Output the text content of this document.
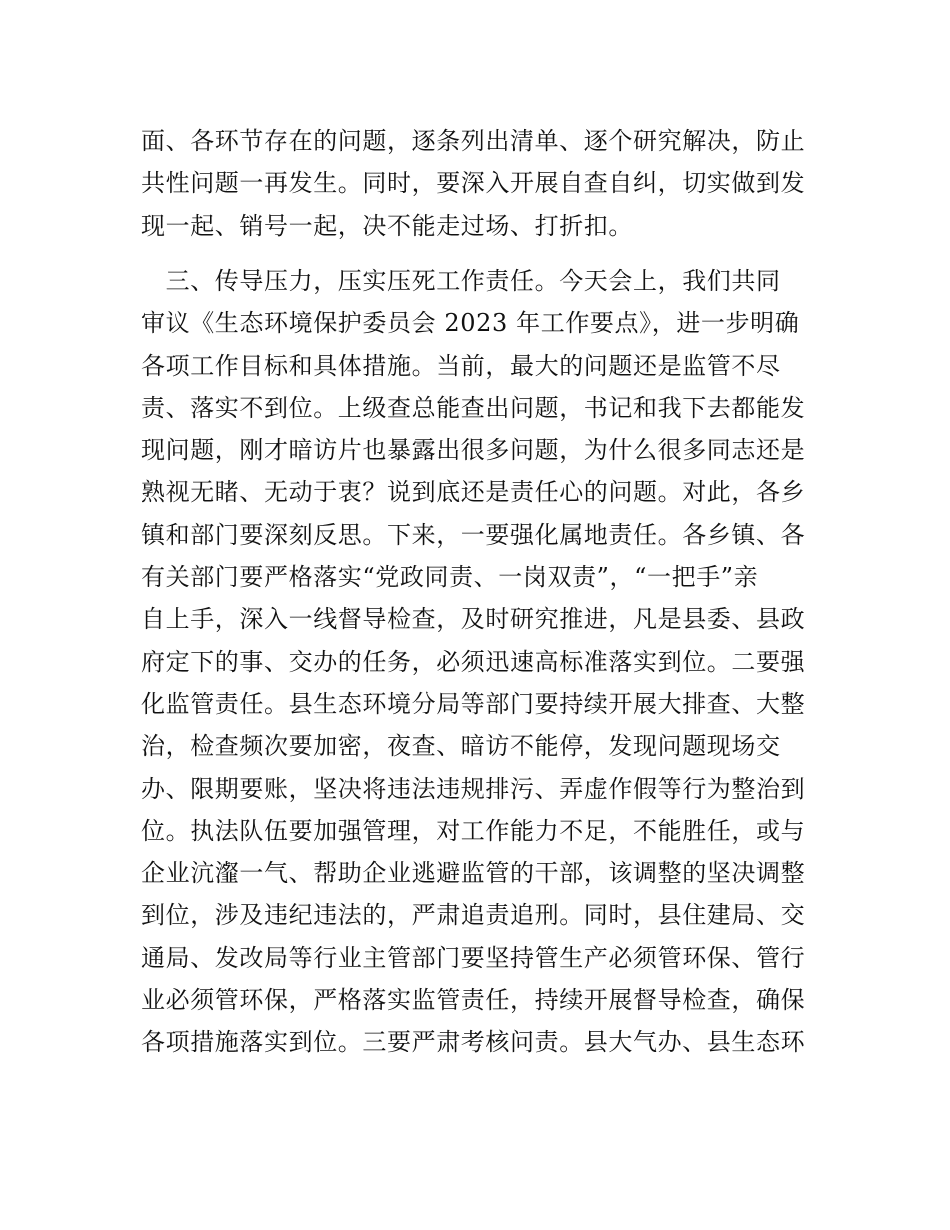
面、各环节存在的问题，逐条列出清单、逐个研究解决，防止
共性问题一再发生。同时，要深入开展自查自纠，切实做到发
现一起、销号一起，决不能走过场、打折扣。
　三、传导压力，压实压死工作责任。今天会上，我们共同
审议《生态环境保护委员会 2023 年工作要点》，进一步明确
各项工作目标和具体措施。当前，最大的问题还是监管不尽
责、落实不到位。上级查总能查出问题，书记和我下去都能发
现问题，刚才暗访片也暴露出很多问题，为什么很多同志还是
熟视无睹、无动于衷？说到底还是责任心的问题。对此，各乡
镇和部门要深刻反思。下来，一要强化属地责任。各乡镇、各
有关部门要严格落实“党政同责、一岗双责”，“一把手”亲
自上手，深入一线督导检查，及时研究推进，凡是县委、县政
府定下的事、交办的任务，必须迅速高标准落实到位。二要强
化监管责任。县生态环境分局等部门要持续开展大排查、大整
治，检查频次要加密，夜查、暗访不能停，发现问题现场交
办、限期要账，坚决将违法违规排污、弄虚作假等行为整治到
位。执法队伍要加强管理，对工作能力不足，不能胜任，或与
企业沆瀣一气、帮助企业逃避监管的干部，该调整的坚决调整
到位，涉及违纪违法的，严肃追责追刑。同时，县住建局、交
通局、发改局等行业主管部门要坚持管生产必须管环保、管行
业必须管环保，严格落实监管责任，持续开展督导检查，确保
各项措施落实到位。三要严肃考核问责。县大气办、县生态环
